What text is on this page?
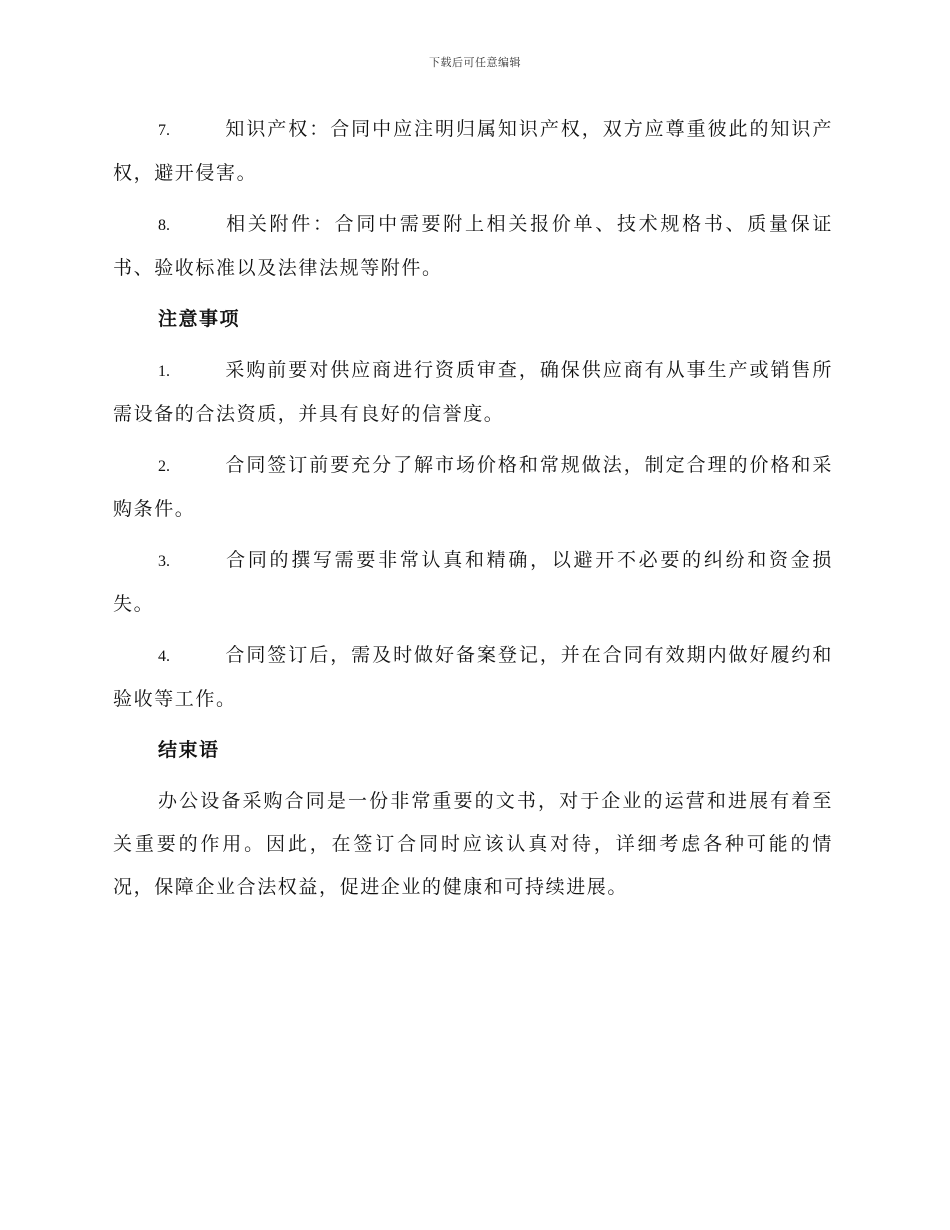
下载后可任意编辑

7.	知识产权：合同中应注明归属知识产权，双方应尊重彼此的知识产权，避开侵害。

8.	相关附件：合同中需要附上相关报价单、技术规格书、质量保证书、验收标准以及法律法规等附件。

注意事项

1.	采购前要对供应商进行资质审查，确保供应商有从事生产或销售所需设备的合法资质，并具有良好的信誉度。

2.	合同签订前要充分了解市场价格和常规做法，制定合理的价格和采购条件。

3.	合同的撰写需要非常认真和精确，以避开不必要的纠纷和资金损失。

4.	合同签订后，需及时做好备案登记，并在合同有效期内做好履约和验收等工作。

结束语

办公设备采购合同是一份非常重要的文书，对于企业的运营和进展有着至关重要的作用。因此，在签订合同时应该认真对待，详细考虑各种可能的情况，保障企业合法权益，促进企业的健康和可持续进展。
